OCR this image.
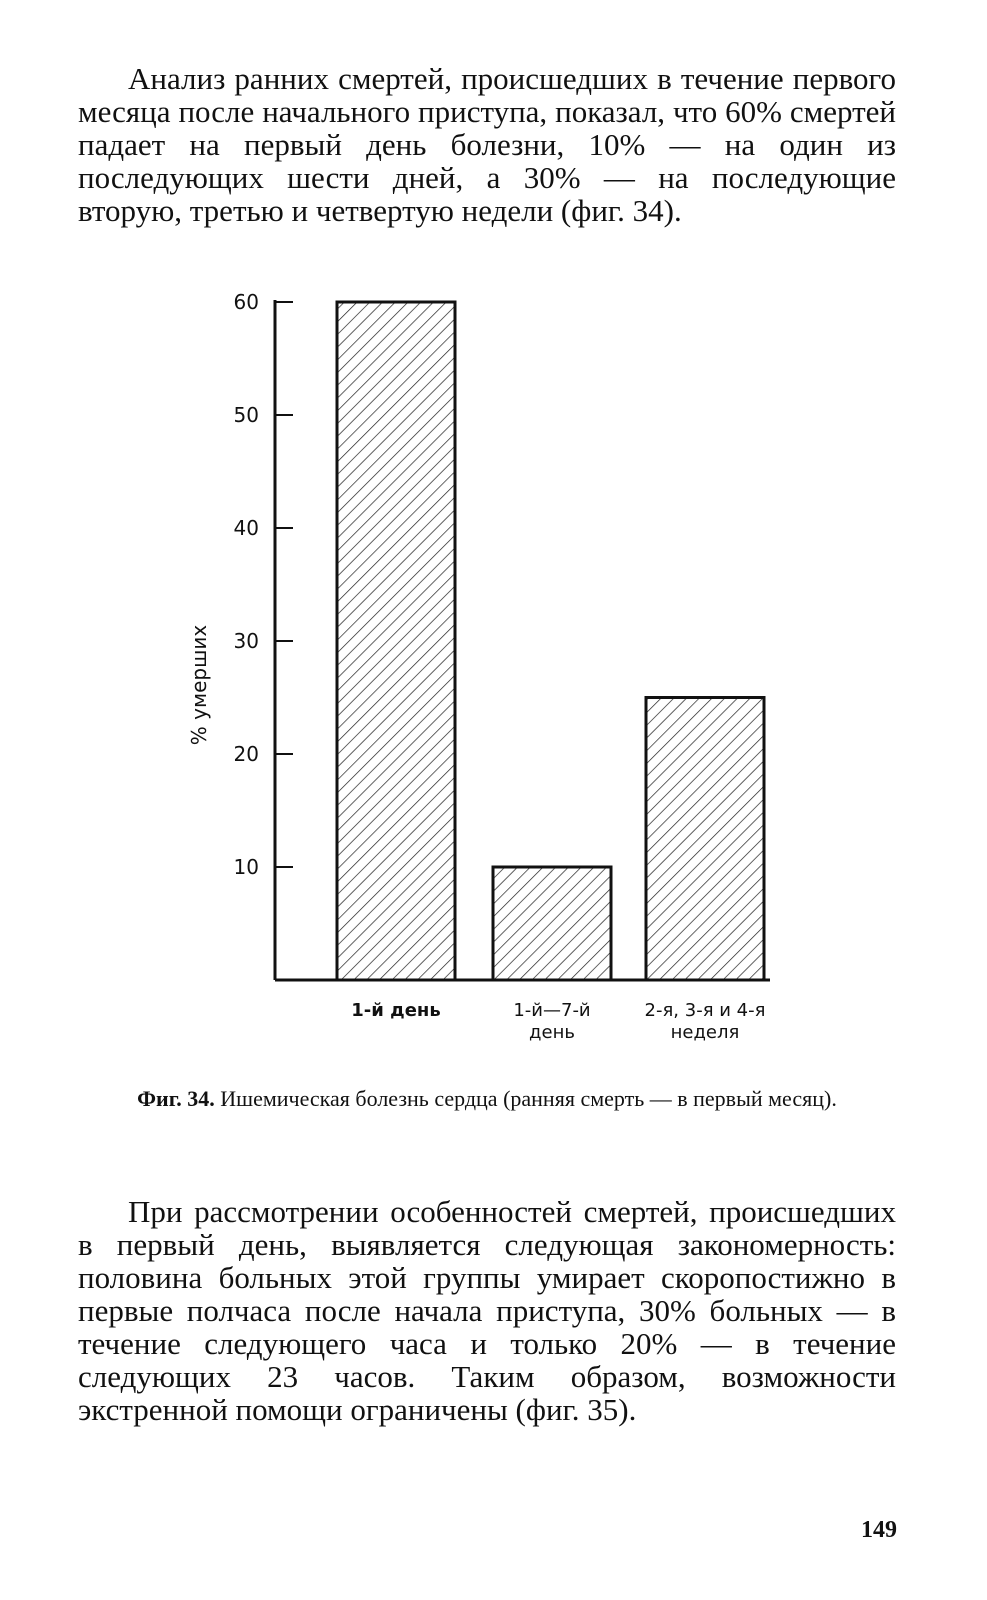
Анализ ранних смертей, происшедших в течение первого месяца после начального приступа, показал, что 60% смертей падает на первый день болезни, 10% — на один из последующих шести дней, а 30% — на последующие вторую, третью и четвертую недели (фиг. 34).

10
20
30
40
50
60
1-й день	1-й—7-й
день
2-я, 3-я и 4-я
неделя
% умерших

Фиг. 34. Ишемическая болезнь сердца (ранняя смерть — в первый месяц).

При рассмотрении особенностей смертей, происшедших в первый день, выявляется следующая закономерность: половина больных этой группы умирает скоропостижно в первые полчаса после начала приступа, 30% больных — в течение следующего часа и только 20% — в течение следующих 23 часов. Таким образом, возможности экстренной помощи ограничены (фиг. 35).

149
